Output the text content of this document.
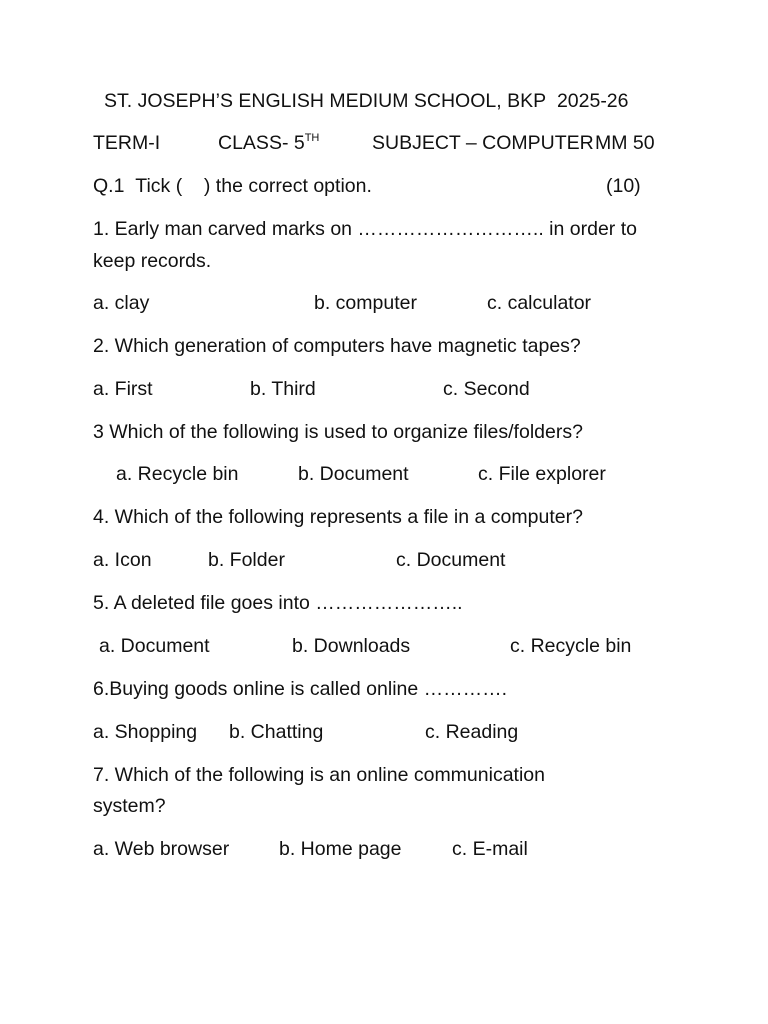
ST. JOSEPH’S ENGLISH MEDIUM SCHOOL, BKP 2025-26
TERM-I	CLASS- 5TH	SUBJECT – COMPUTER MM 50
Q.1 Tick ( ) the correct option.	(10)
1. Early man carved marks on ……………………….. in order to
keep records.
a. clay	b. computer	c. calculator
2. Which generation of computers have magnetic tapes?
a. First	b. Third	c. Second
3 Which of the following is used to organize files/folders?
a. Recycle bin	b. Document	c. File explorer
4. Which of the following represents a file in a computer?
a. Icon	b. Folder	c. Document
5. A deleted file goes into …………………..
a. Document	b. Downloads	c. Recycle bin
6.Buying goods online is called online ………….
a. Shopping b. Chatting	c. Reading
7. Which of the following is an online communication
system?
a. Web browser	b. Home page	c. E-mail
